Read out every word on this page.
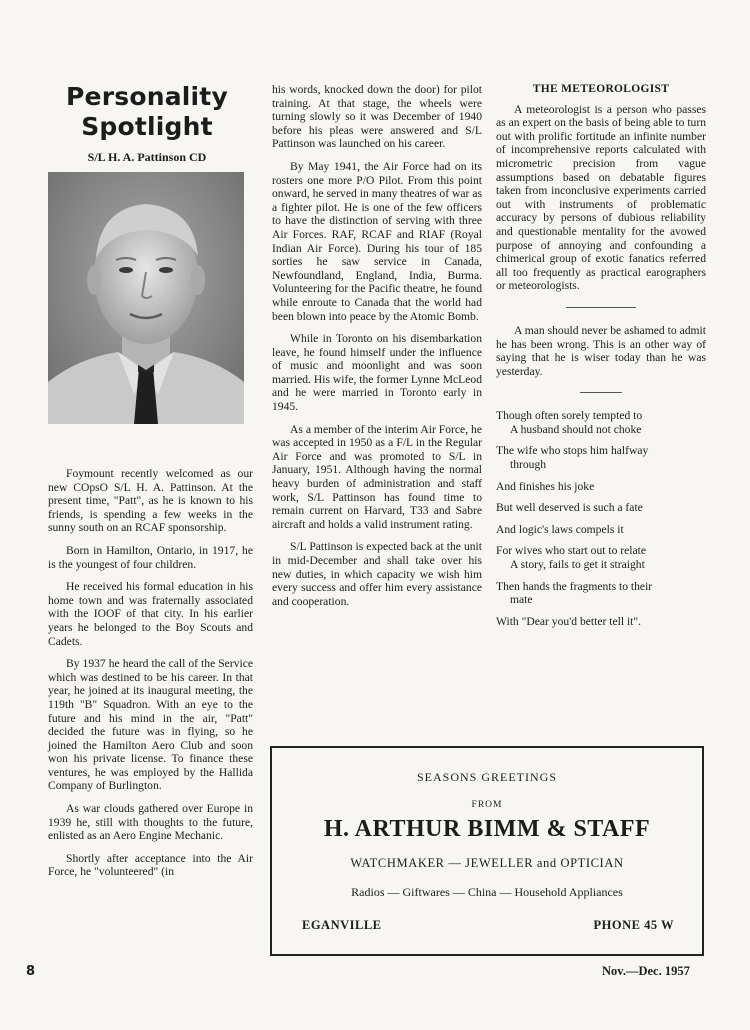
Personality
Spotlight
S/L H. A. Pattinson CD

Foymount recently welcomed as our new COpsO S/L H. A. Pattinson. At the present time, "Patt", as he is known to his friends, is spending a few weeks in the sunny south on an RCAF sponsorship.

Born in Hamilton, Ontario, in 1917, he is the youngest of four children.

He received his formal education in his home town and was fraternally associated with the IOOF of that city. In his earlier years he belonged to the Boy Scouts and Cadets.

By 1937 he heard the call of the Service which was destined to be his career. In that year, he joined at its inaugural meeting, the 119th "B" Squadron. With an eye to the future and his mind in the air, "Patt" decided the future was in flying, so he joined the Hamilton Aero Club and soon won his private license. To finance these ventures, he was employed by the Hallida Company of Burlington.

As war clouds gathered over Europe in 1939 he, still with thoughts to the future, enlisted as an Aero Engine Mechanic.

Shortly after acceptance into the Air Force, he "volunteered" (in

his words, knocked down the door) for pilot training. At that stage, the wheels were turning slowly so it was December of 1940 before his pleas were answered and S/L Pattinson was launched on his career.

By May 1941, the Air Force had on its rosters one more P/O Pilot. From this point onward, he served in many theatres of war as a fighter pilot. He is one of the few officers to have the distinction of serving with three Air Forces. RAF, RCAF and RIAF (Royal Indian Air Force). During his tour of 185 sorties he saw service in Canada, Newfoundland, England, India, Burma. Volunteering for the Pacific theatre, he found while enroute to Canada that the world had been blown into peace by the Atomic Bomb.

While in Toronto on his disembarkation leave, he found himself under the influence of music and moonlight and was soon married. His wife, the former Lynne McLeod and he were married in Toronto early in 1945.

As a member of the interim Air Force, he was accepted in 1950 as a F/L in the Regular Air Force and was promoted to S/L in January, 1951. Although having the normal heavy burden of administration and staff work, S/L Pattinson has found time to remain current on Harvard, T33 and Sabre aircraft and holds a valid instrument rating.

S/L Pattinson is expected back at the unit in mid-December and shall take over his new duties, in which capacity we wish him every success and offer him every assistance and cooperation.

THE METEOROLOGIST

A meteorologist is a person who passes as an expert on the basis of being able to turn out with prolific fortitude an infinite number of incomprehensive reports calculated with micrometric precision from vague assumptions based on debatable figures taken from inconclusive experiments carried out with instruments of problematic accuracy by persons of dubious reliability and questionable mentality for the avowed purpose of annoying and confounding a chimerical group of exotic fanatics referred all too frequently as practical earographers or meteorologists.

A man should never be ashamed to admit he has been wrong. This is an other way of saying that he is wiser today than he was yesterday.

Though often sorely tempted to
A husband should not choke

The wife who stops him halfway
through

And finishes his joke

But well deserved is such a fate

And logic's laws compels it

For wives who start out to relate
A story, fails to get it straight

Then hands the fragments to their
mate

With "Dear you'd better tell it".

SEASONS GREETINGS
FROM
H. ARTHUR BIMM & STAFF
WATCHMAKER — JEWELLER and OPTICIAN
Radios — Giftwares — China — Household Appliances
EGANVILLE	PHONE 45 W
8	Nov.—Dec. 1957
